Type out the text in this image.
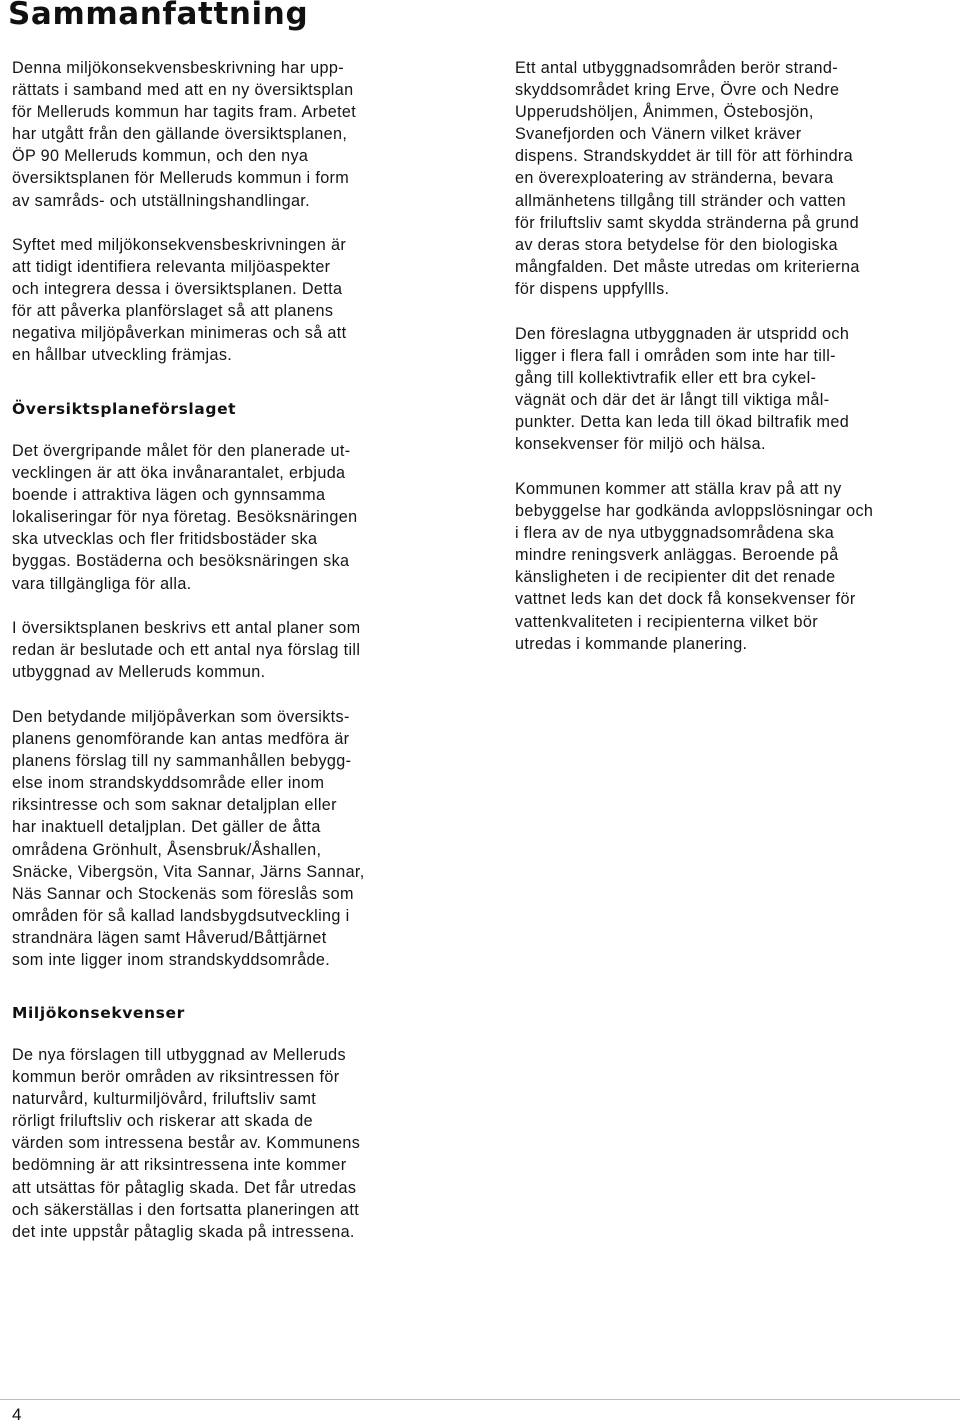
Sammanfattning

Denna miljökonsekvensbeskrivning har upp-
rättats i samband med att en ny översiktsplan
för Melleruds kommun har tagits fram. Arbetet
har utgått från den gällande översiktsplanen,
ÖP 90 Melleruds kommun, och den nya
översiktsplanen för Melleruds kommun i form
av samråds- och utställningshandlingar.

Syftet med miljökonsekvensbeskrivningen är
att tidigt identifiera relevanta miljöaspekter
och integrera dessa i översiktsplanen. Detta
för att påverka planförslaget så att planens
negativa miljöpåverkan minimeras och så att
en hållbar utveckling främjas.

Översiktsplaneförslaget

Det övergripande målet för den planerade ut-
vecklingen är att öka invånarantalet, erbjuda
boende i attraktiva lägen och gynnsamma
lokaliseringar för nya företag. Besöksnäringen
ska utvecklas och fler fritidsbostäder ska
byggas. Bostäderna och besöksnäringen ska
vara tillgängliga för alla.

I översiktsplanen beskrivs ett antal planer som
redan är beslutade och ett antal nya förslag till
utbyggnad av Melleruds kommun.

Den betydande miljöpåverkan som översikts-
planens genomförande kan antas medföra är
planens förslag till ny sammanhållen bebygg-
else inom strandskyddsområde eller inom
riksintresse och som saknar detaljplan eller
har inaktuell detaljplan. Det gäller de åtta
områdena Grönhult, Åsensbruk/Åshallen,
Snäcke, Vibergsön, Vita Sannar, Järns Sannar,
Näs Sannar och Stockenäs som föreslås som
områden för så kallad landsbygdsutveckling i
strandnära lägen samt Håverud/Båttjärnet
som inte ligger inom strandskyddsområde.

Miljökonsekvenser

De nya förslagen till utbyggnad av Melleruds
kommun berör områden av riksintressen för
naturvård, kulturmiljövård, friluftsliv samt
rörligt friluftsliv och riskerar att skada de
värden som intressena består av. Kommunens
bedömning är att riksintressena inte kommer
att utsättas för påtaglig skada. Det får utredas
och säkerställas i den fortsatta planeringen att
det inte uppstår påtaglig skada på intressena.

Ett antal utbyggnadsområden berör strand-
skyddsområdet kring Erve, Övre och Nedre
Upperudshöljen, Ånimmen, Östebosjön,
Svanefjorden och Vänern vilket kräver
dispens. Strandskyddet är till för att förhindra
en överexploatering av stränderna, bevara
allmänhetens tillgång till stränder och vatten
för friluftsliv samt skydda stränderna på grund
av deras stora betydelse för den biologiska
mångfalden. Det måste utredas om kriterierna
för dispens uppfyllls.

Den föreslagna utbyggnaden är utspridd och
ligger i flera fall i områden som inte har till-
gång till kollektivtrafik eller ett bra cykel-
vägnät och där det är långt till viktiga mål-
punkter. Detta kan leda till ökad biltrafik med
konsekvenser för miljö och hälsa.

Kommunen kommer att ställa krav på att ny
bebyggelse har godkända avloppslösningar och
i flera av de nya utbyggnadsområdena ska
mindre reningsverk anläggas. Beroende på
känsligheten i de recipienter dit det renade
vattnet leds kan det dock få konsekvenser för
vattenkvaliteten i recipienterna vilket bör
utredas i kommande planering.

4
